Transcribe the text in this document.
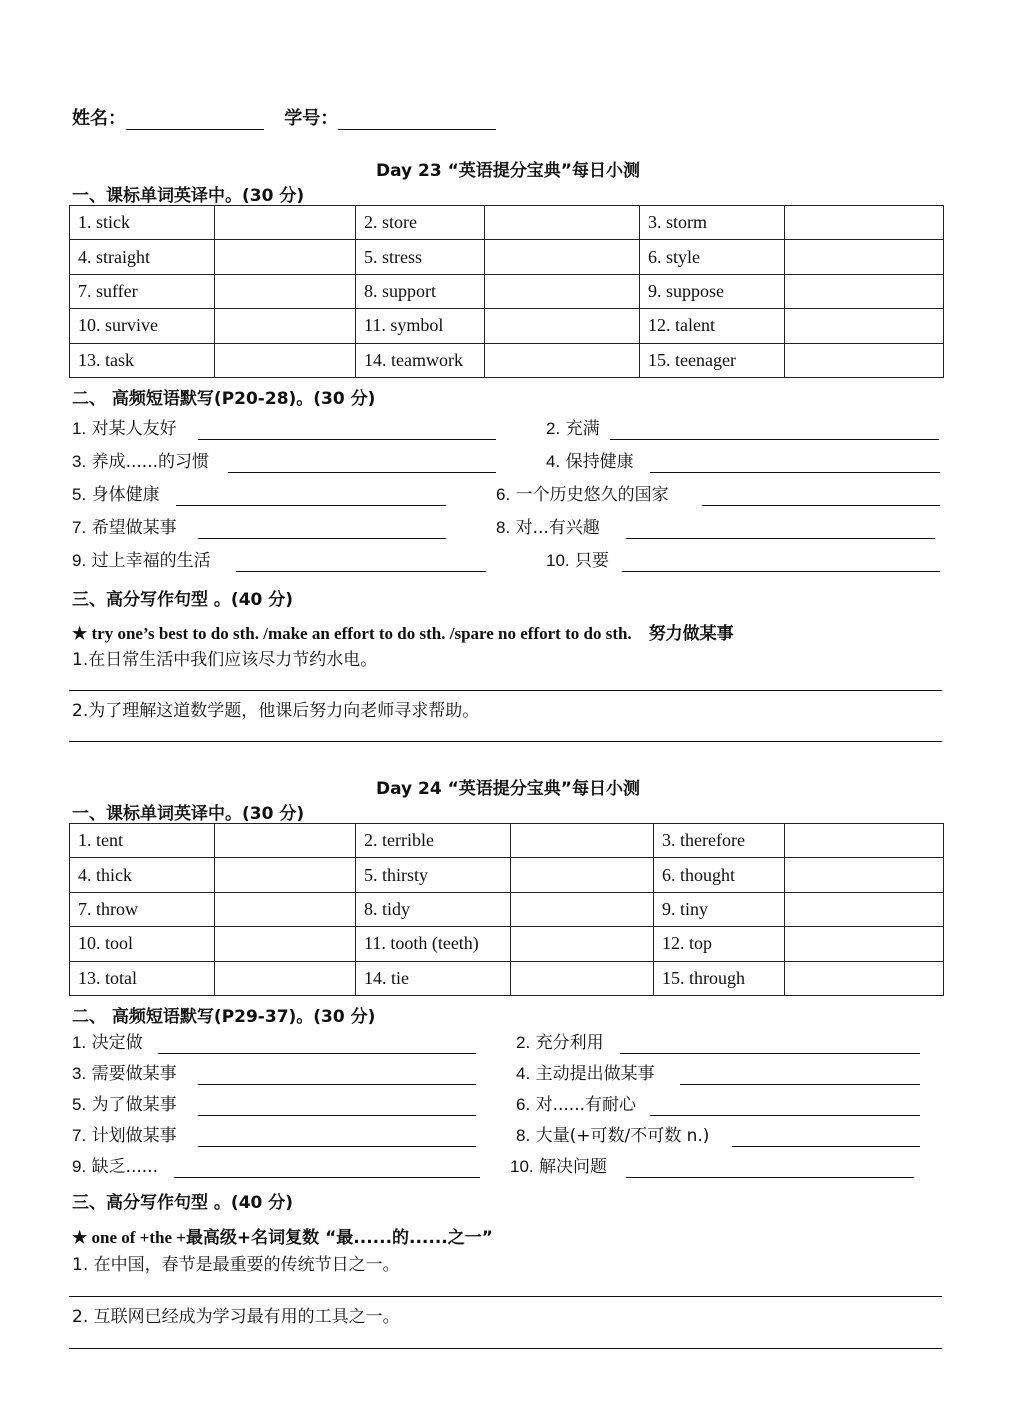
姓名：	学号：
Day 23 “英语提分宝典”每日小测
一、课标单词英译中。(30 分)
1. stick		2. store		3. storm	
4. straight		5. stress		6. style	
7. suffer		8. support		9. suppose	
10. survive		11. symbol		12. talent	
13. task		14. teamwork		15. teenager	
二、 高频短语默写(P20-28)。(30 分)
1. 对某人友好	2. 充满
3. 养成......的习惯	4. 保持健康
5. 身体健康	6. 一个历史悠久的国家
7. 希望做某事	8. 对...有兴趣
9. 过上幸福的生活	10. 只要
三、高分写作句型 。(40 分)
★ try one’s best to do sth. /make an effort to do sth. /spare no effort to do sth. 努力做某事
1.在日常生活中我们应该尽力节约水电。
2.为了理解这道数学题，他课后努力向老师寻求帮助。
Day 24 “英语提分宝典”每日小测
一、课标单词英译中。(30 分)
1. tent		2. terrible		3. therefore	
4. thick		5. thirsty		6. thought	
7. throw		8. tidy		9. tiny	
10. tool		11. tooth (teeth)		12. top	
13. total		14. tie		15. through	
二、 高频短语默写(P29-37)。(30 分)
1. 决定做	2. 充分利用
3. 需要做某事	4. 主动提出做某事
5. 为了做某事	6. 对......有耐心
7. 计划做某事	8. 大量(+可数/不可数 n.)
9. 缺乏......	10. 解决问题
三、高分写作句型 。(40 分)
★ one of +the +最高级+名词复数 “最......的......之一”
1. 在中国，春节是最重要的传统节日之一。
2. 互联网已经成为学习最有用的工具之一。
